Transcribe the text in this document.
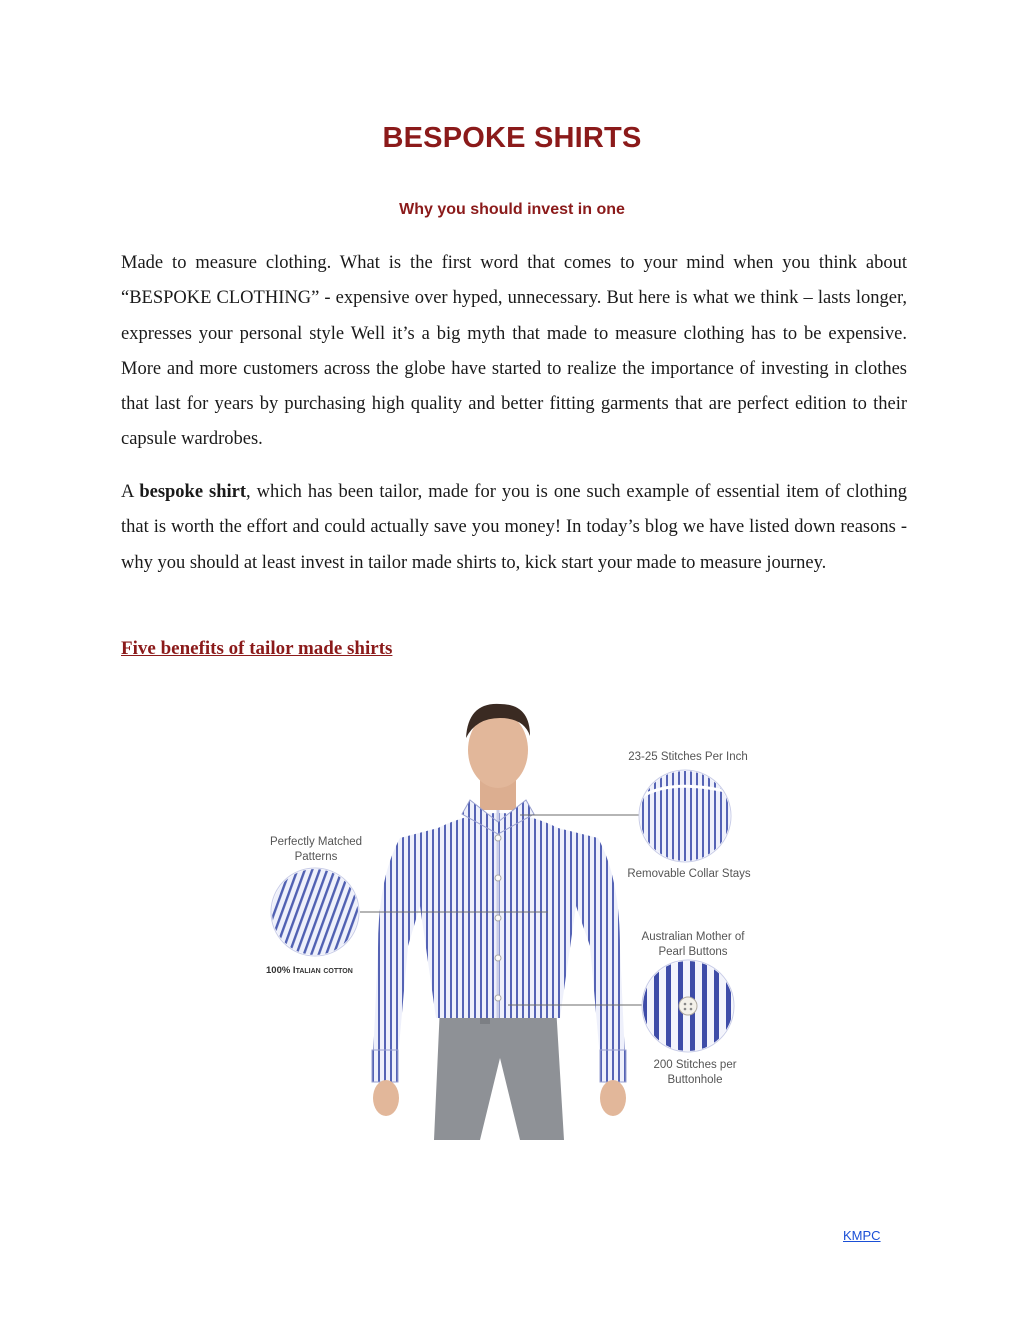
BESPOKE SHIRTS
Why you should invest in one

Made to measure clothing. What is the first word that comes to your mind when you think about “BESPOKE CLOTHING” - expensive over hyped, unnecessary. But here is what we think – lasts longer, expresses your personal style Well it’s a big myth that made to measure clothing has to be expensive. More and more customers across the globe have started to realize the importance of investing in clothes that last for years by purchasing high quality and better fitting garments that are perfect edition to their capsule wardrobes.

A bespoke shirt, which has been tailor, made for you is one such example of essential item of clothing that is worth the effort and could actually save you money! In today’s blog we have listed down reasons -why you should at least invest in tailor made shirts to, kick start your made to measure journey.

Five benefits of tailor made shirts
23-25 Stitches Per Inch
Removable Collar Stays
Perfectly Matched Patterns
100% Italian cotton
Australian Mother of Pearl Buttons
200 Stitches per Buttonhole
KMPC
